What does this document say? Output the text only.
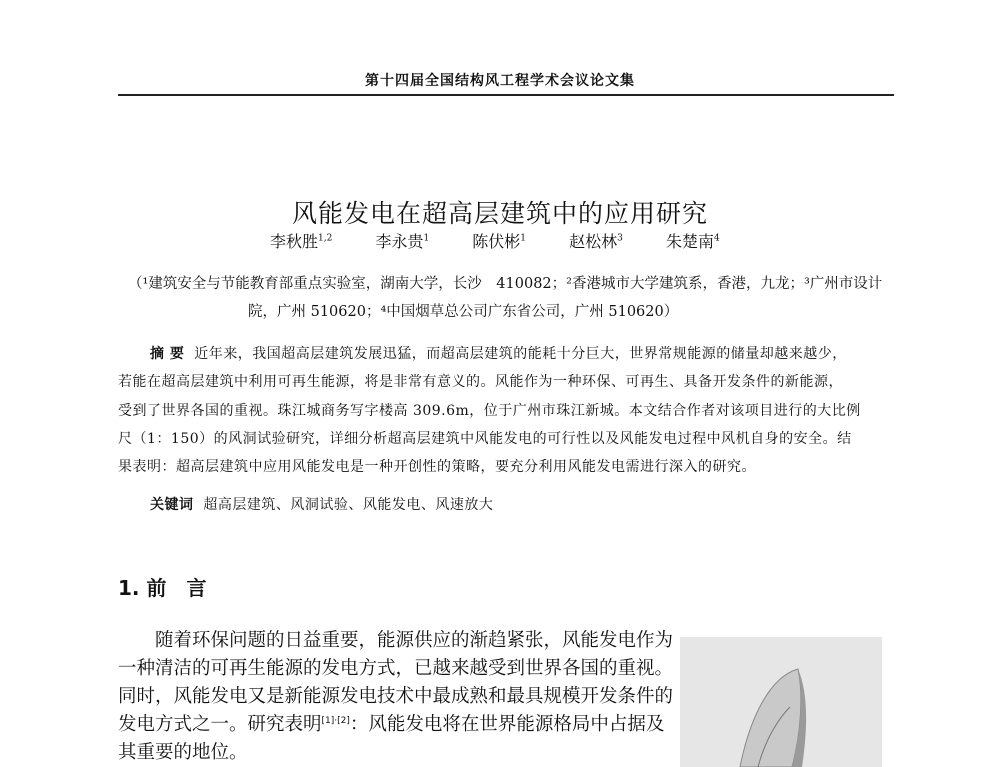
第十四届全国结构风工程学术会议论文集
风能发电在超高层建筑中的应用研究
李秋胜$^{1,2}$	李永贵$^1$	陈伏彬$^1$	赵松林$^3$	朱楚南$^4$
（¹建筑安全与节能教育部重点实验室，湖南大学，长沙　410082；²香港城市大学建筑系，香港，九龙；³广州市设计
院，广州 510620；⁴中国烟草总公司广东省公司，广州 510620）
摘 要 近年来，我国超高层建筑发展迅猛，而超高层建筑的能耗十分巨大，世界常规能源的储量却越来越少，
若能在超高层建筑中利用可再生能源，将是非常有意义的。风能作为一种环保、可再生、具备开发条件的新能源，
受到了世界各国的重视。珠江城商务写字楼高 309.6m，位于广州市珠江新城。本文结合作者对该项目进行的大比例
尺（1：150）的风洞试验研究，详细分析超高层建筑中风能发电的可行性以及风能发电过程中风机自身的安全。结
果表明：超高层建筑中应用风能发电是一种开创性的策略，要充分利用风能发电需进行深入的研究。
关键词 超高层建筑、风洞试验、风能发电、风速放大
1. 前　言
随着环保问题的日益重要，能源供应的渐趋紧张，风能发电作为
一种清洁的可再生能源的发电方式，已越来越受到世界各国的重视。
同时，风能发电又是新能源发电技术中最成熟和最具规模开发条件的
发电方式之一。研究表明[1]·[2]：风能发电将在世界能源格局中占据及
其重要的地位。
